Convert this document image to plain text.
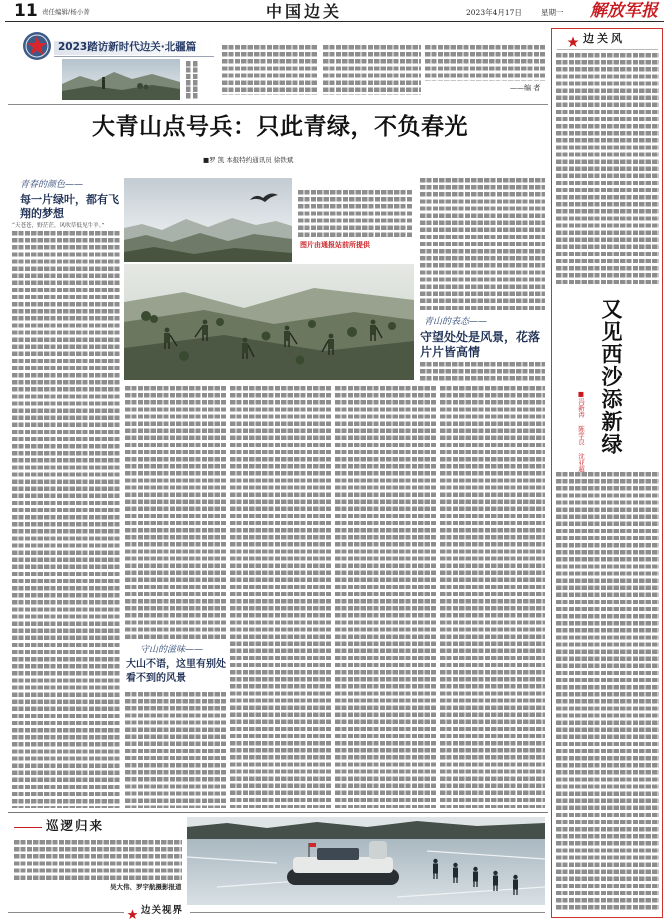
11 责任编辑/杨小菁	中国边关	2023年4月17日	星期一 解放军报
2023踏访新时代边关·北疆篇
——编 者
大青山点号兵：只此青绿，不负春光
■罗 凯 本报特约通讯员 徐铁斌
青春的颜色——
每一片绿叶，都有飞翔的梦想
“天苍苍，野茫茫，风吹草低见牛羊。”
图片由通报站前所提供
青山的表态——
守望处处是风景，花落片片皆高情
守山的滋味——
大山不语，这里有别处看不到的风景
巡逻归来
吴大伟、罗宇航摄影报道
边关视界
边关风
又见西沙添新绿
■冯新涛 陈学良 沈亚超
